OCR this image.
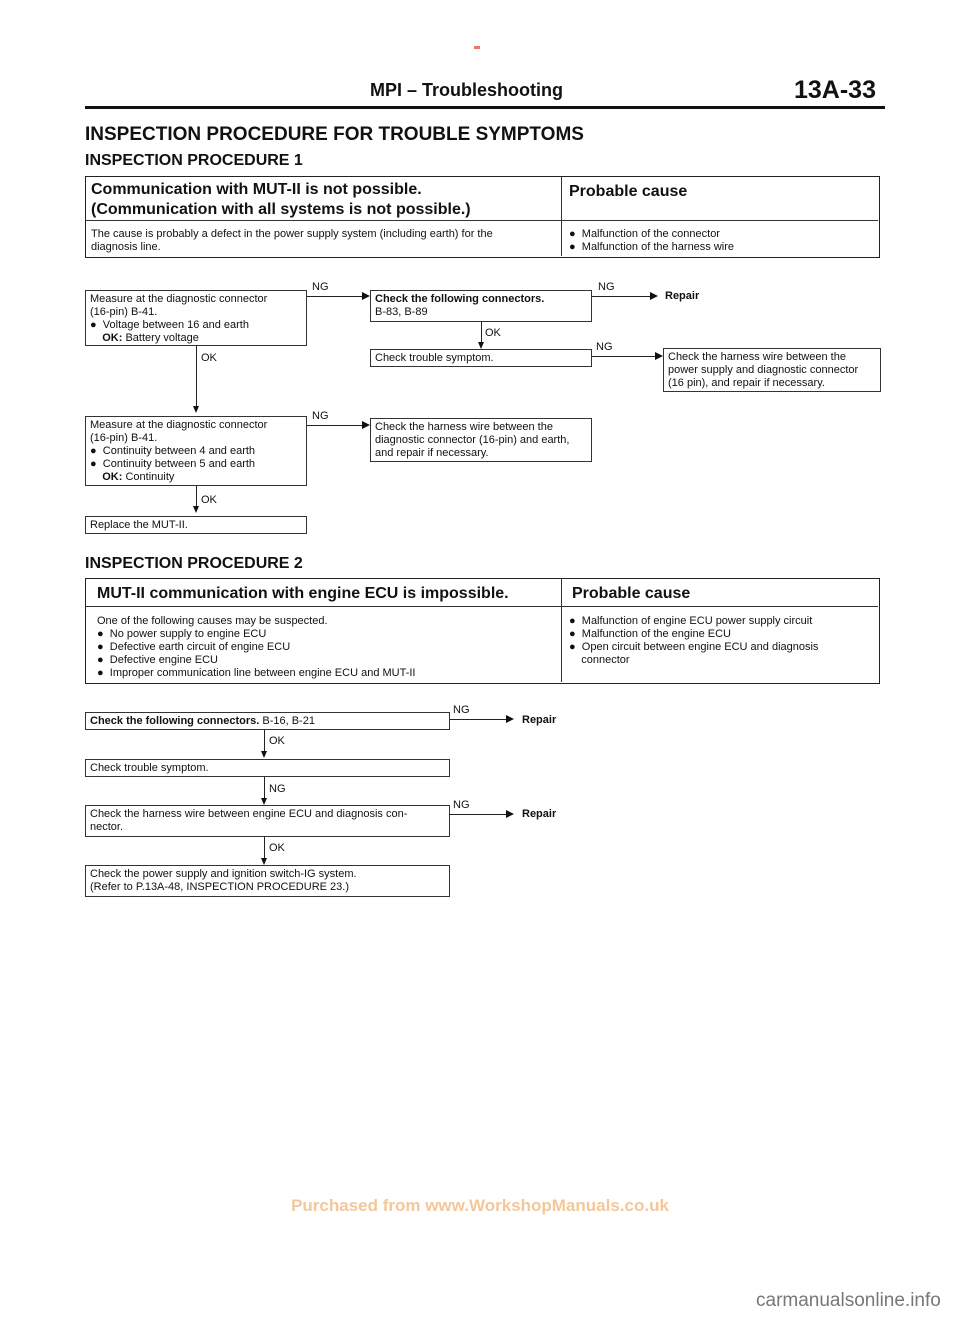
MPI – Troubleshooting	13A-33
INSPECTION PROCEDURE FOR TROUBLE SYMPTOMS
INSPECTION PROCEDURE 1
Communication with MUT-II is not possible.
(Communication with all systems is not possible.)
Probable cause
The cause is probably a defect in the power supply system (including earth) for the
diagnosis line.
● Malfunction of the connector
● Malfunction of the harness wire
Measure at the diagnostic connector
(16-pin) B-41.
● Voltage between 16 and earth
OK: Battery voltage
NG
Check the following connectors.
B-83, B-89
NG
Repair
OK
Check trouble symptom.
NG
Check the harness wire between the
power supply and diagnostic connector
(16 pin), and repair if necessary.
OK
Measure at the diagnostic connector
(16-pin) B-41.
● Continuity between 4 and earth
● Continuity between 5 and earth
OK: Continuity
NG
Check the harness wire between the
diagnostic connector (16-pin) and earth,
and repair if necessary.
OK
Replace the MUT-II.
INSPECTION PROCEDURE 2
MUT-II communication with engine ECU is impossible.	Probable cause
One of the following causes may be suspected.
● No power supply to engine ECU
● Defective earth circuit of engine ECU
● Defective engine ECU
● Improper communication line between engine ECU and MUT-II
● Malfunction of engine ECU power supply circuit
● Malfunction of the engine ECU
● Open circuit between engine ECU and diagnosis
connector
Check the following connectors. B-16, B-21
NG
Repair
OK
Check trouble symptom.
NG
Check the harness wire between engine ECU and diagnosis con-
nector.
NG
Repair
OK
Check the power supply and ignition switch-IG system.
(Refer to P.13A-48, INSPECTION PROCEDURE 23.)
Purchased from www.WorkshopManuals.co.uk
carmanualsonline.info
